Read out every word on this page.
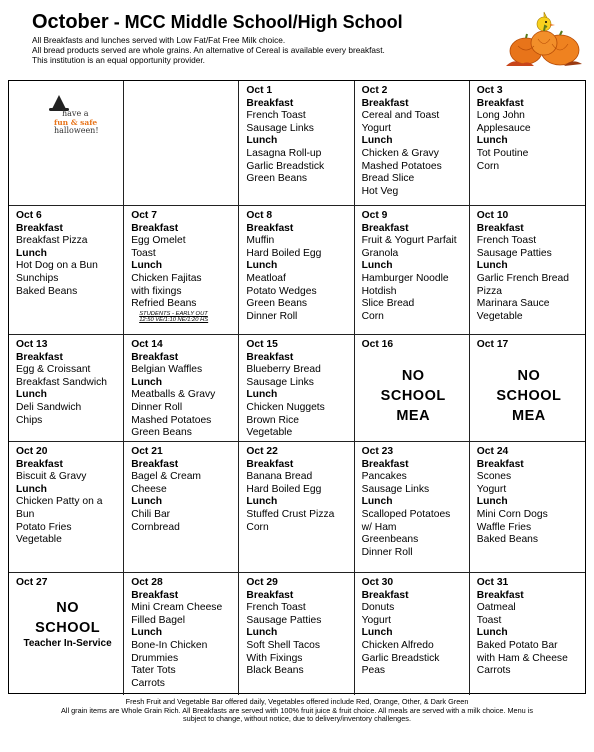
October - MCC Middle School/High School
All Breakfasts and lunches served with Low Fat/Fat Free Milk choice.
All bread products served are whole grains. An alternative of Cereal is available every breakfast.
This institution is an equal opportunity provider.
have a
fun & safe
halloween!
Oct 1
Breakfast
French Toast
Sausage Links
Lunch
Lasagna Roll-up
Garlic Breadstick
Green Beans
Oct 2
Breakfast
Cereal and Toast
Yogurt
Lunch
Chicken & Gravy
Mashed Potatoes
Bread Slice
Hot Veg
Oct 3
Breakfast
Long John
Applesauce
Lunch
Tot Poutine
Corn
Oct 6
Breakfast
Breakfast Pizza
Lunch
Hot Dog on a Bun
Sunchips
Baked Beans
Oct 7
Breakfast
Egg Omelet
Toast
Lunch
Chicken Fajitas
with fixings
Refried Beans
STUDENTS - EARLY OUT
12:50 VE/1:10 NE/1:20 HS
Oct 8
Breakfast
Muffin
Hard Boiled Egg
Lunch
Meatloaf
Potato Wedges
Green Beans
Dinner Roll
Oct 9
Breakfast
Fruit & Yogurt Parfait
Granola
Lunch
Hamburger Noodle
Hotdish
Slice Bread
Corn
Oct 10
Breakfast
French Toast
Sausage Patties
Lunch
Garlic French Bread
Pizza
Marinara Sauce
Vegetable
Oct 13
Breakfast
Egg & Croissant
Breakfast Sandwich
Lunch
Deli Sandwich
Chips
Oct 14
Breakfast
Belgian Waffles
Lunch
Meatballs & Gravy
Dinner Roll
Mashed Potatoes
Green Beans
Oct 15
Breakfast
Blueberry Bread
Sausage Links
Lunch
Chicken Nuggets
Brown Rice
Vegetable
Oct 16
NO
SCHOOL
MEA
Oct 17
NO
SCHOOL
MEA
Oct 20
Breakfast
Biscuit & Gravy
Lunch
Chicken Patty on a
Bun
Potato Fries
Vegetable
Oct 21
Breakfast
Bagel & Cream
Cheese
Lunch
Chili Bar
Cornbread
Oct 22
Breakfast
Banana Bread
Hard Boiled Egg
Lunch
Stuffed Crust Pizza
Corn
Oct 23
Breakfast
Pancakes
Sausage Links
Lunch
Scalloped Potatoes
w/ Ham
Greenbeans
Dinner Roll
Oct 24
Breakfast
Scones
Yogurt
Lunch
Mini Corn Dogs
Waffle Fries
Baked Beans
Oct 27
NO
SCHOOL
Teacher In-Service
Oct 28
Breakfast
Mini Cream Cheese
Filled Bagel
Lunch
Bone-In Chicken
Drummies
Tater Tots
Carrots
Oct 29
Breakfast
French Toast
Sausage Patties
Lunch
Soft Shell Tacos
With Fixings
Black Beans
Oct 30
Breakfast
Donuts
Yogurt
Lunch
Chicken Alfredo
Garlic Breadstick
Peas
Oct 31
Breakfast
Oatmeal
Toast
Lunch
Baked Potato Bar
with Ham & Cheese
Carrots
Fresh Fruit and Vegetable Bar offered daily, Vegetables offered include Red, Orange, Other, & Dark Green
All grain items are Whole Grain Rich. All Breakfasts are served with 100% fruit juice & fruit choice. All meals are served with a milk choice. Menu is
subject to change, without notice, due to delivery/inventory challenges.
